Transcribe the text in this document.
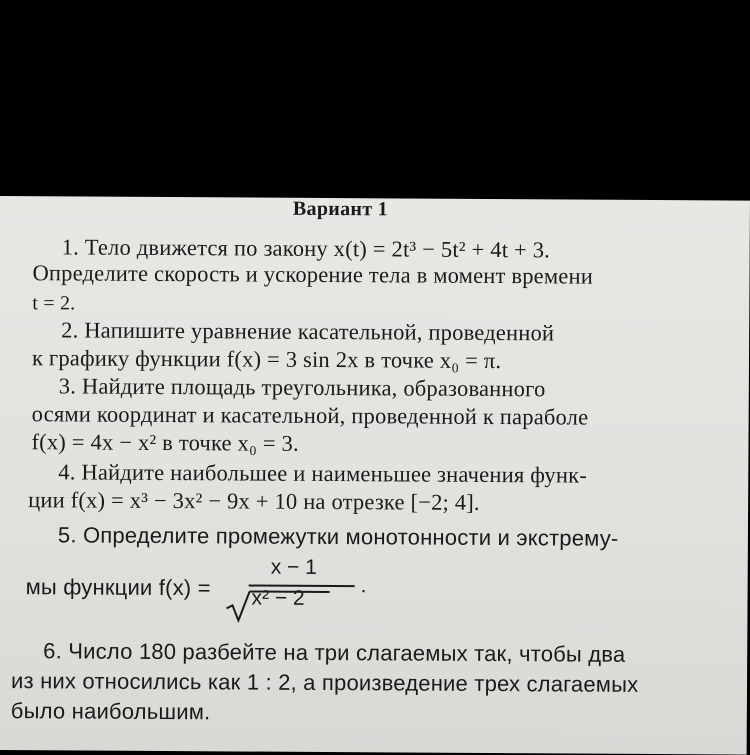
Вариант 1
1. Тело движется по закону x(t) = 2t³ − 5t² + 4t + 3.
Определите скорость и ускорение тела в момент времени
t = 2.
2. Напишите уравнение касательной, проведенной
к графику функции f(x) = 3 sin 2x в точке x₀ = π.
3. Найдите площадь треугольника, образованного
осями координат и касательной, проведенной к параболе
f(x) = 4x − x² в точке x₀ = 3.
4. Найдите наибольшее и наименьшее значения функ-
ции f(x) = x³ − 3x² − 9x + 10 на отрезке [−2; 4].
5. Определите промежутки монотонности и экстрему-
мы функции f(x) =
x − 1
x² − 2
.
6. Число 180 разбейте на три слагаемых так, чтобы два
из них относились как 1 : 2, а произведение трех слагаемых
было наибольшим.
